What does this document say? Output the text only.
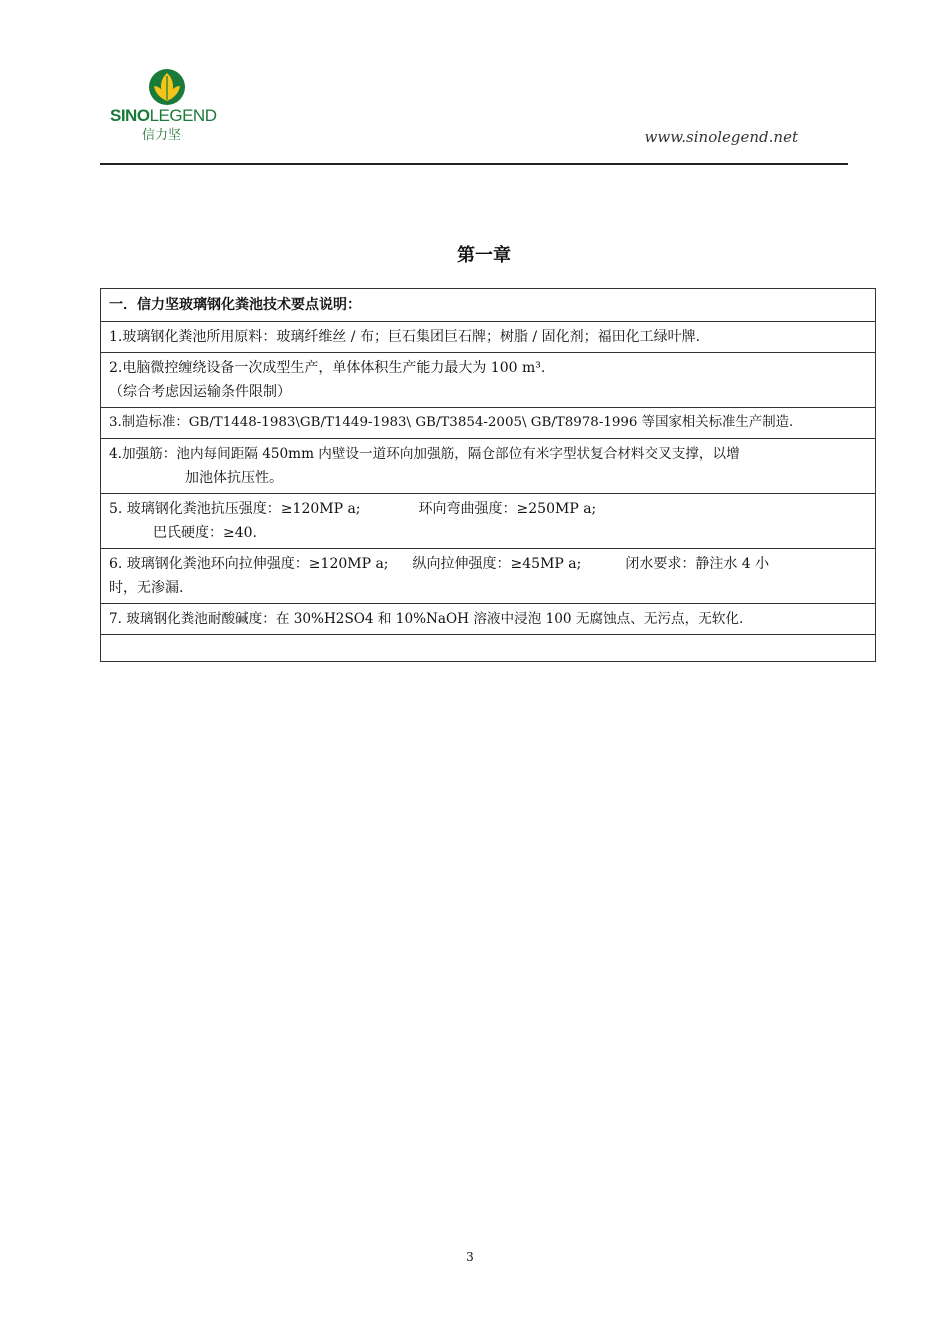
SINOLEGEND
信力坚	www.sinolegend.net
第一章
一．信力坚玻璃钢化粪池技术要点说明：

1.玻璃钢化粪池所用原料：玻璃纤维丝 / 布；巨石集团巨石牌；树脂 / 固化剂；福田化工绿叶牌.

2.电脑微控缠绕设备一次成型生产，单体体积生产能力最大为 100 m³.
（综合考虑因运输条件限制）

3.制造标准：GB/T1448-1983\GB/T1449-1983\ GB/T3854-2005\ GB/T8978-1996 等国家相关标准生产制造.

4.加强筋：池内每间距隔 450mm 内壁设一道环向加强筋，隔仓部位有米字型状复合材料交叉支撑，以增
加池体抗压性。

5. 玻璃钢化粪池抗压强度：≥120MP a;	环向弯曲强度：≥250MP a;
巴氏硬度：≥40.

6. 玻璃钢化粪池环向拉伸强度：≥120MP a; 纵向拉伸强度：≥45MP a;	闭水要求：静注水 4 小
时，无渗漏.

7. 玻璃钢化粪池耐酸碱度：在 30%H2SO4 和 10%NaOH 溶液中浸泡 100 无腐蚀点、无污点，无软化.

3
